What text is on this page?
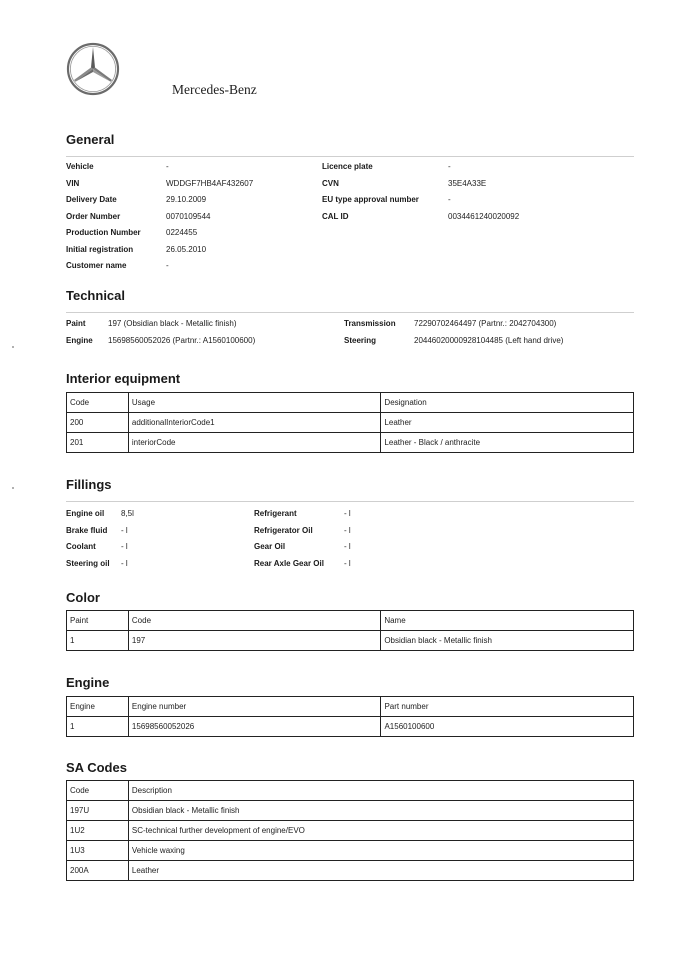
Mercedes-Benz
General
Vehicle	-
VIN	WDDGF7HB4AF432607
Delivery Date	29.10.2009
Order Number	0070109544
Production Number	0224455
Initial registration	26.05.2010
Customer name	-
Licence plate	-
CVN	35E4A33E
EU type approval number	-
CAL ID	0034461240020092
Technical
Paint	197 (Obsidian black - Metallic finish)
Engine	15698560052026 (Partnr.: A1560100600)
Transmission	72290702464497 (Partnr.: 2042704300)
Steering	20446020000928104485 (Left hand drive)
Interior equipment
Code	Usage	Designation
200	additionalInteriorCode1	Leather
201	interiorCode	Leather - Black / anthracite
Fillings
Engine oil	8,5l
Brake fluid	- l
Coolant	- l
Steering oil	- l
Refrigerant	- l
Refrigerator Oil	- l
Gear Oil	- l
Rear Axle Gear Oil	- l
Color
Paint	Code	Name
1	197	Obsidian black - Metallic finish
Engine
Engine	Engine number	Part number
1	15698560052026	A1560100600
SA Codes
Code	Description
197U	Obsidian black - Metallic finish
1U2	SC-technical further development of engine/EVO
1U3	Vehicle waxing
200A	Leather
